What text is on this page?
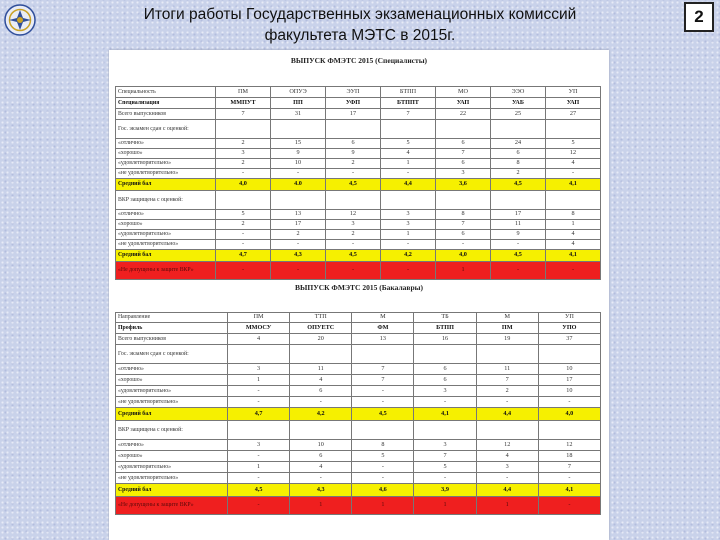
Итоги работы Государственных экзаменационных комиссий
факультета МЭТС в 2015г.
2
ВЫПУСК ФМЭТС 2015 (Специалисты)
Специальность	ПМ	ОПУЭ	ЭУП	БТПП	МО	ЭЭО	УП
Специализация	ММПУТ	ПП	УФП	БТППТ	УАП	УАБ	УАП
Всего выпускников	7	31	17	7	22	25	27
Гос. экзамен сдан с оценкой:							
«отлично»	2	15	6	5	6	24	5
«хорошо»	3	9	9	4	7	6	12
«удовлетворительно»	2	10	2	1	6	8	4
«не удовлетворительно»	-	-	-	-	3	2	-
Средний бал	4,0	4.0	4,5	4,4	3,6	4,5	4,1
ВКР защищена с оценкой:							
«отлично»	5	13	12	3	8	17	8
«хорошо»	2	17	3	3	7	11	1
«удовлетворительно»	-	2	2	1	6	9	4
«не удовлетворительно»	-	-	-	-	-	-	4
Средний бал	4,7	4,3	4,5	4,2	4,0	4,5	4,1
«Не допущены к защите ВКР»	-	-	-	-	1	-	-
ВЫПУСК ФМЭТС 2015 (Бакалавры)
Направление	ПМ	ТТП	М	ТБ	М	УП
Профиль	ММОСУ	ОПУЕТС	ФМ	БТПП	ПМ	УПО
Всего выпускников	4	20	13	16	19	37
Гос. экзамен сдан с оценкой:						
«отлично»	3	11	7	6	11	10
«хорошо»	1	4	7	6	7	17
«удовлетворительно»	-	6	-	3	2	10
«не удовлетворительно»	-	-	-	-	-	-
Средний бал	4,7	4,2	4,5	4,1	4,4	4,0
ВКР защищена с оценкой:						
«отлично»	3	10	8	3	12	12
«хорошо»	-	6	5	7	4	18
«удовлетворительно»	1	4	-	5	3	7
«не удовлетворительно»	-	-	-	-	-	-
Средний бал	4,5	4,3	4,6	3,9	4,4	4,1
«Не допущены к защите ВКР»	-	1	1	1	1	-
